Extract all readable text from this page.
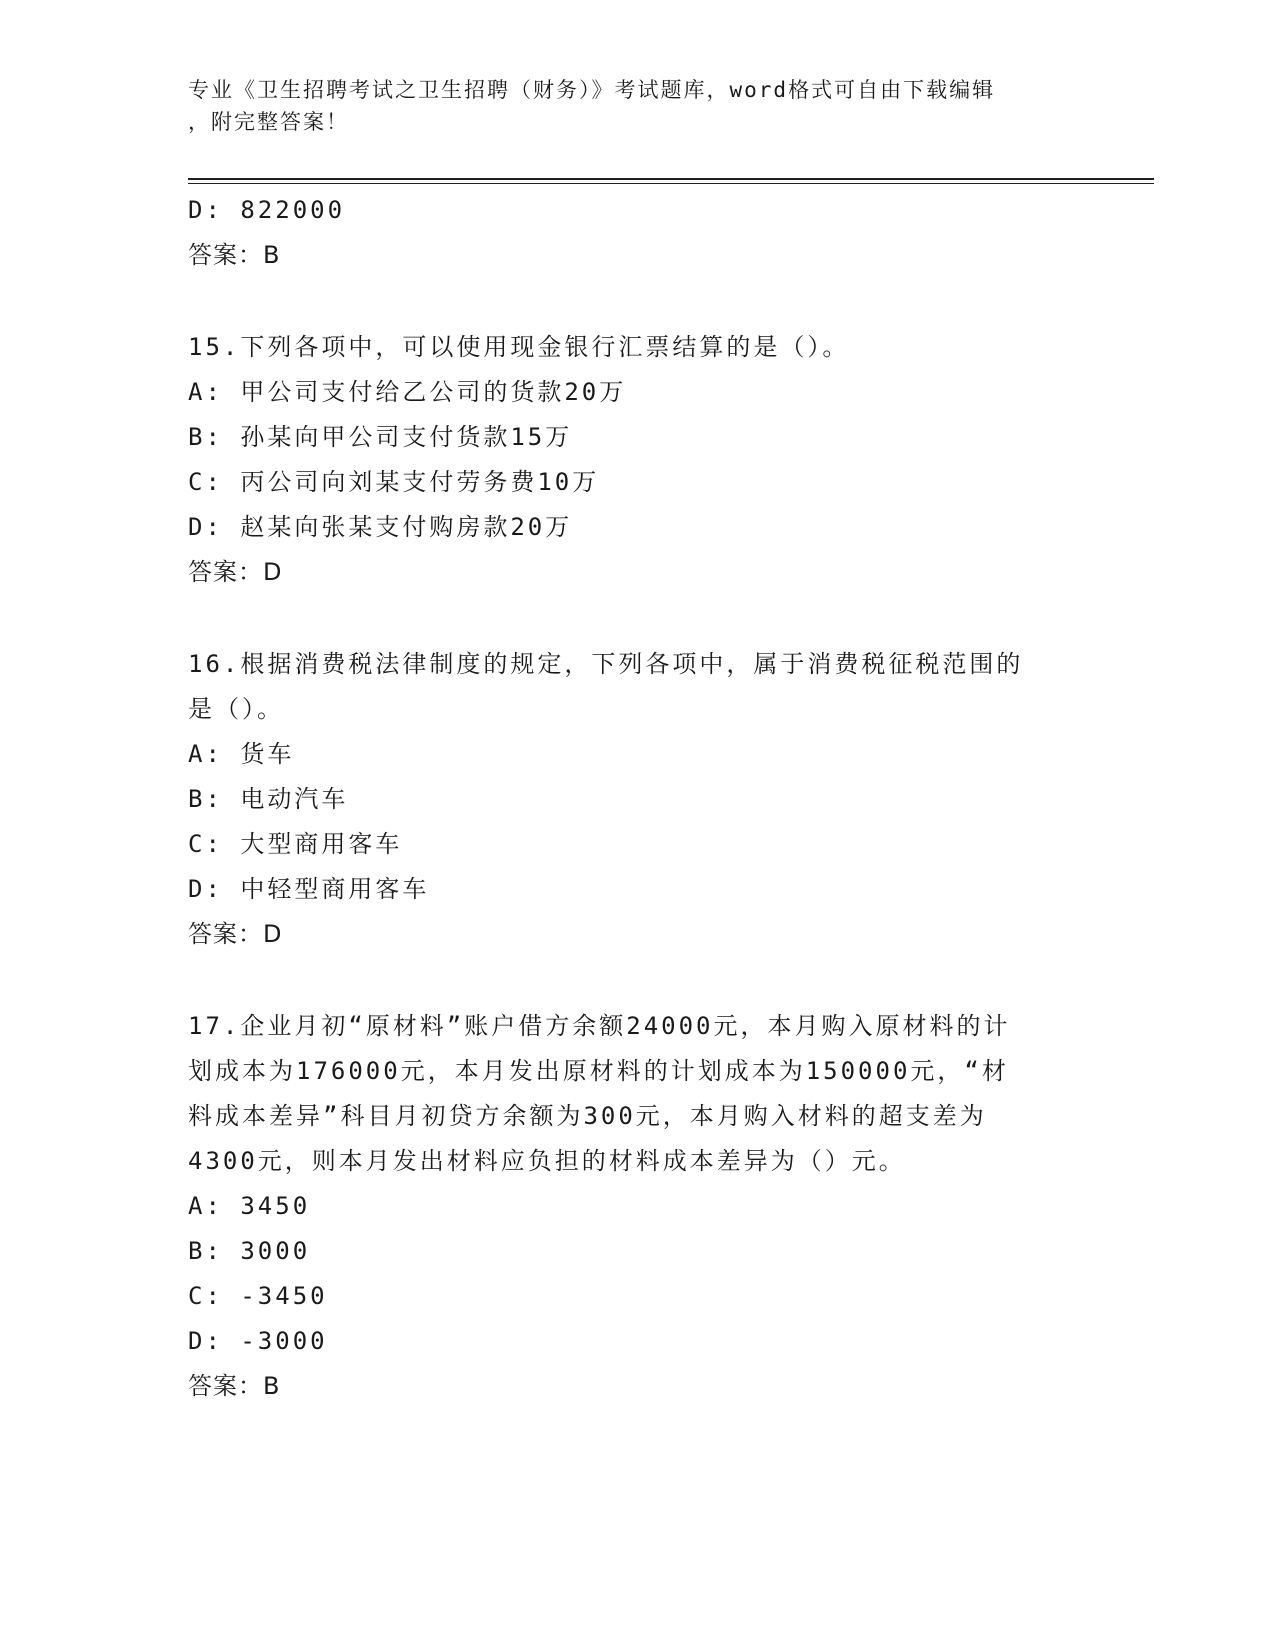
专业《卫生招聘考试之卫生招聘（财务）》考试题库，word格式可自由下载编辑
，附完整答案！
D: 822000
答案：B
15.下列各项中，可以使用现金银行汇票结算的是（）。
A: 甲公司支付给乙公司的货款20万
B: 孙某向甲公司支付货款15万
C: 丙公司向刘某支付劳务费10万
D: 赵某向张某支付购房款20万
答案：D
16.根据消费税法律制度的规定，下列各项中，属于消费税征税范围的
是（）。
A: 货车
B: 电动汽车
C: 大型商用客车
D: 中轻型商用客车
答案：D
17.企业月初“原材料”账户借方余额24000元，本月购入原材料的计
划成本为176000元，本月发出原材料的计划成本为150000元，“材
料成本差异”科目月初贷方余额为300元，本月购入材料的超支差为
4300元，则本月发出材料应负担的材料成本差异为（）元。
A: 3450
B: 3000
C: -3450
D: -3000
答案：B
